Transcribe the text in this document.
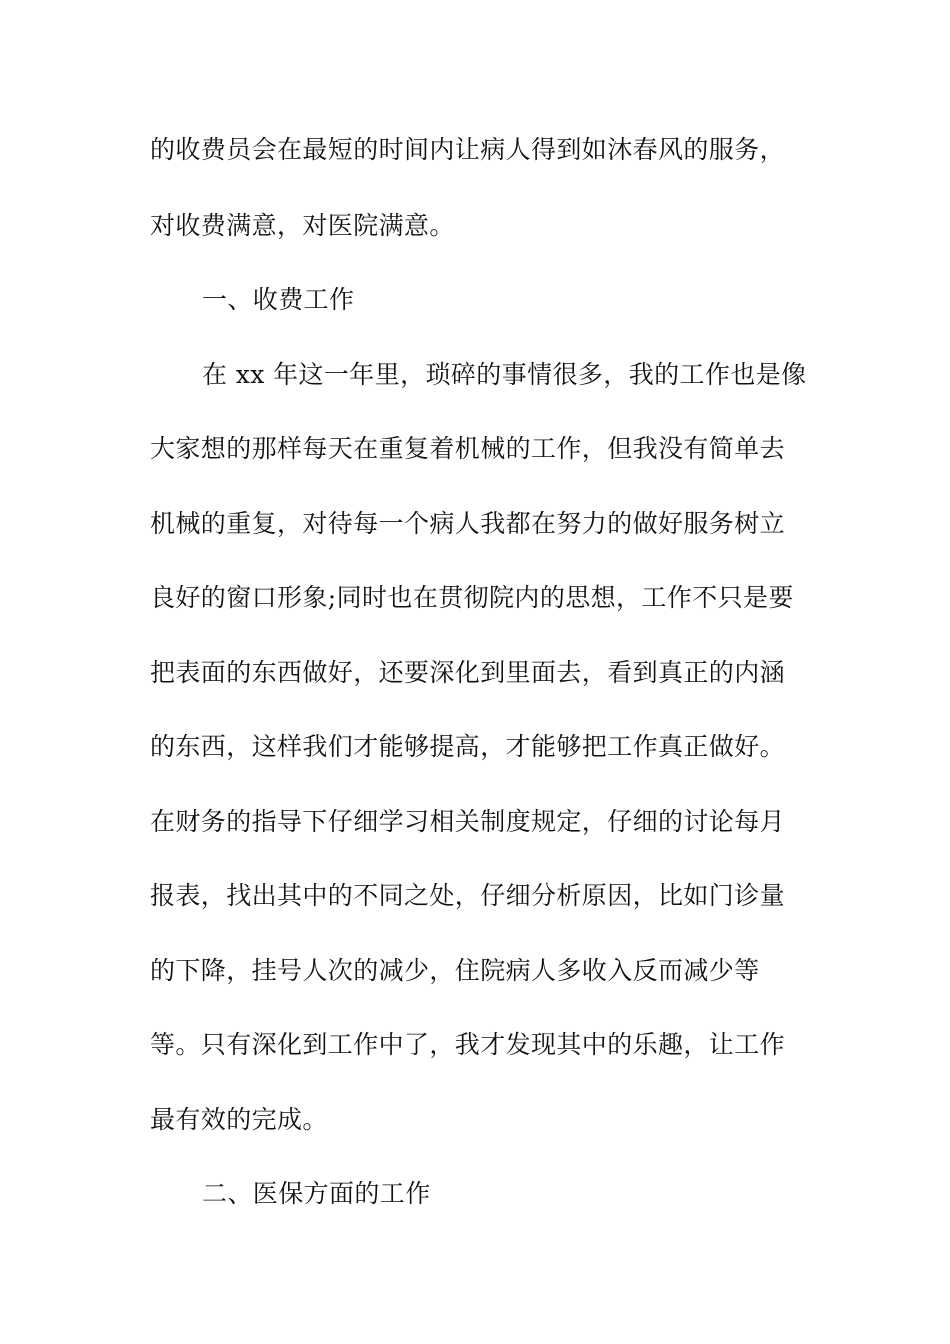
的收费员会在最短的时间内让病人得到如沐春风的服务，
对收费满意，对医院满意。
一、收费工作
在 xx 年这一年里，琐碎的事情很多，我的工作也是像
大家想的那样每天在重复着机械的工作，但我没有简单去
机械的重复，对待每一个病人我都在努力的做好服务树立
良好的窗口形象;同时也在贯彻院内的思想，工作不只是要
把表面的东西做好，还要深化到里面去，看到真正的内涵
的东西，这样我们才能够提高，才能够把工作真正做好。
在财务的指导下仔细学习相关制度规定，仔细的讨论每月
报表，找出其中的不同之处，仔细分析原因，比如门诊量
的下降，挂号人次的减少，住院病人多收入反而减少等
等。只有深化到工作中了，我才发现其中的乐趣，让工作
最有效的完成。
二、医保方面的工作
